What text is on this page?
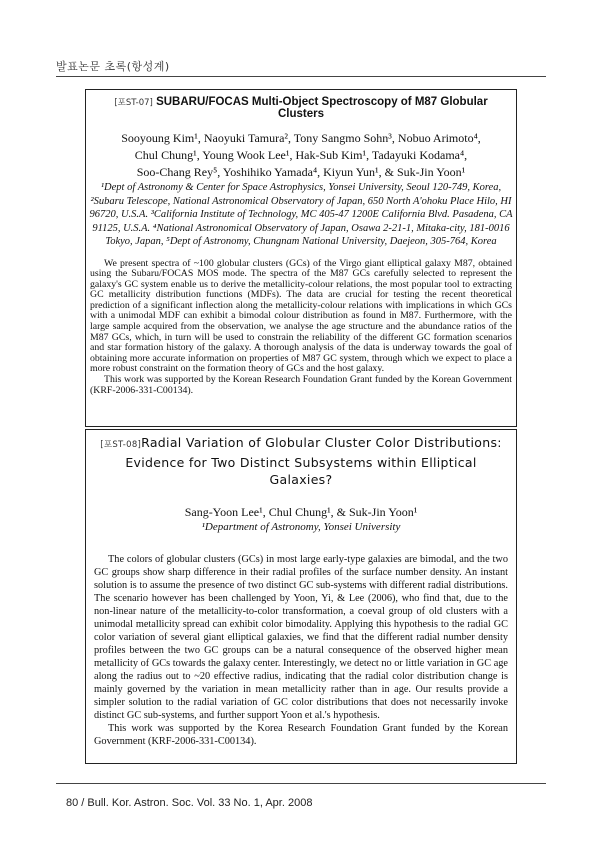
발표논문 초록(항성계)
[포ST-07] SUBARU/FOCAS Multi-Object Spectroscopy of M87 Globular Clusters
Sooyoung Kim¹, Naoyuki Tamura², Tony Sangmo Sohn³, Nobuo Arimoto⁴,
Chul Chung¹, Young Wook Lee¹, Hak-Sub Kim¹, Tadayuki Kodama⁴,
Soo-Chang Rey⁵, Yoshihiko Yamada⁴, Kiyun Yun¹, & Suk-Jin Yoon¹
¹Dept of Astronomy & Center for Space Astrophysics, Yonsei University, Seoul 120-749, Korea, ²Subaru Telescope, National Astronomical Observatory of Japan, 650 North A'ohoku Place Hilo, HI 96720, U.S.A. ³California Institute of Technology, MC 405-47 1200E California Blvd. Pasadena, CA 91125, U.S.A. ⁴National Astronomical Observatory of Japan, Osawa 2-21-1, Mitaka-city, 181-0016 Tokyo, Japan, ⁵Dept of Astronomy, Chungnam National University, Daejeon, 305-764, Korea
We present spectra of ~100 globular clusters (GCs) of the Virgo giant elliptical galaxy M87, obtained using the Subaru/FOCAS MOS mode. The spectra of the M87 GCs carefully selected to represent the galaxy's GC system enable us to derive the metallicity-colour relations, the most popular tool to extracting GC metallicity distribution functions (MDFs). The data are crucial for testing the recent theoretical prediction of a significant inflection along the metallicity-colour relations with implications in which GCs with a unimodal MDF can exhibit a bimodal colour distribution as found in M87. Furthermore, with the large sample acquired from the observation, we analyse the age structure and the abundance ratios of the M87 GCs, which, in turn will be used to constrain the reliability of the different GC formation scenarios and star formation history of the galaxy. A thorough analysis of the data is underway towards the goal of obtaining more accurate information on properties of M87 GC system, through which we expect to place a more robust constraint on the formation theory of GCs and the host galaxy.
This work was supported by the Korean Research Foundation Grant funded by the Korean Government (KRF-2006-331-C00134).
[포ST-08]Radial Variation of Globular Cluster Color Distributions: Evidence for Two Distinct Subsystems within Elliptical Galaxies?
Sang-Yoon Lee¹, Chul Chung¹, & Suk-Jin Yoon¹
¹Department of Astronomy, Yonsei University
The colors of globular clusters (GCs) in most large early-type galaxies are bimodal, and the two GC groups show sharp difference in their radial profiles of the surface number density. An instant solution is to assume the presence of two distinct GC sub-systems with different radial distributions. The scenario however has been challenged by Yoon, Yi, & Lee (2006), who find that, due to the non-linear nature of the metallicity-to-color transformation, a coeval group of old clusters with a unimodal metallicity spread can exhibit color bimodality. Applying this hypothesis to the radial GC color variation of several giant elliptical galaxies, we find that the different radial number density profiles between the two GC groups can be a natural consequence of the observed higher mean metallicity of GCs towards the galaxy center. Interestingly, we detect no or little variation in GC age along the radius out to ~20 effective radius, indicating that the radial color distribution change is mainly governed by the variation in mean metallicity rather than in age. Our results provide a simpler solution to the radial variation of GC color distributions that does not necessarily invoke distinct GC sub-systems, and further support Yoon et al.'s hypothesis.
This work was supported by the Korea Research Foundation Grant funded by the Korean Government (KRF-2006-331-C00134).
80 / Bull. Kor. Astron. Soc. Vol. 33 No. 1, Apr. 2008
